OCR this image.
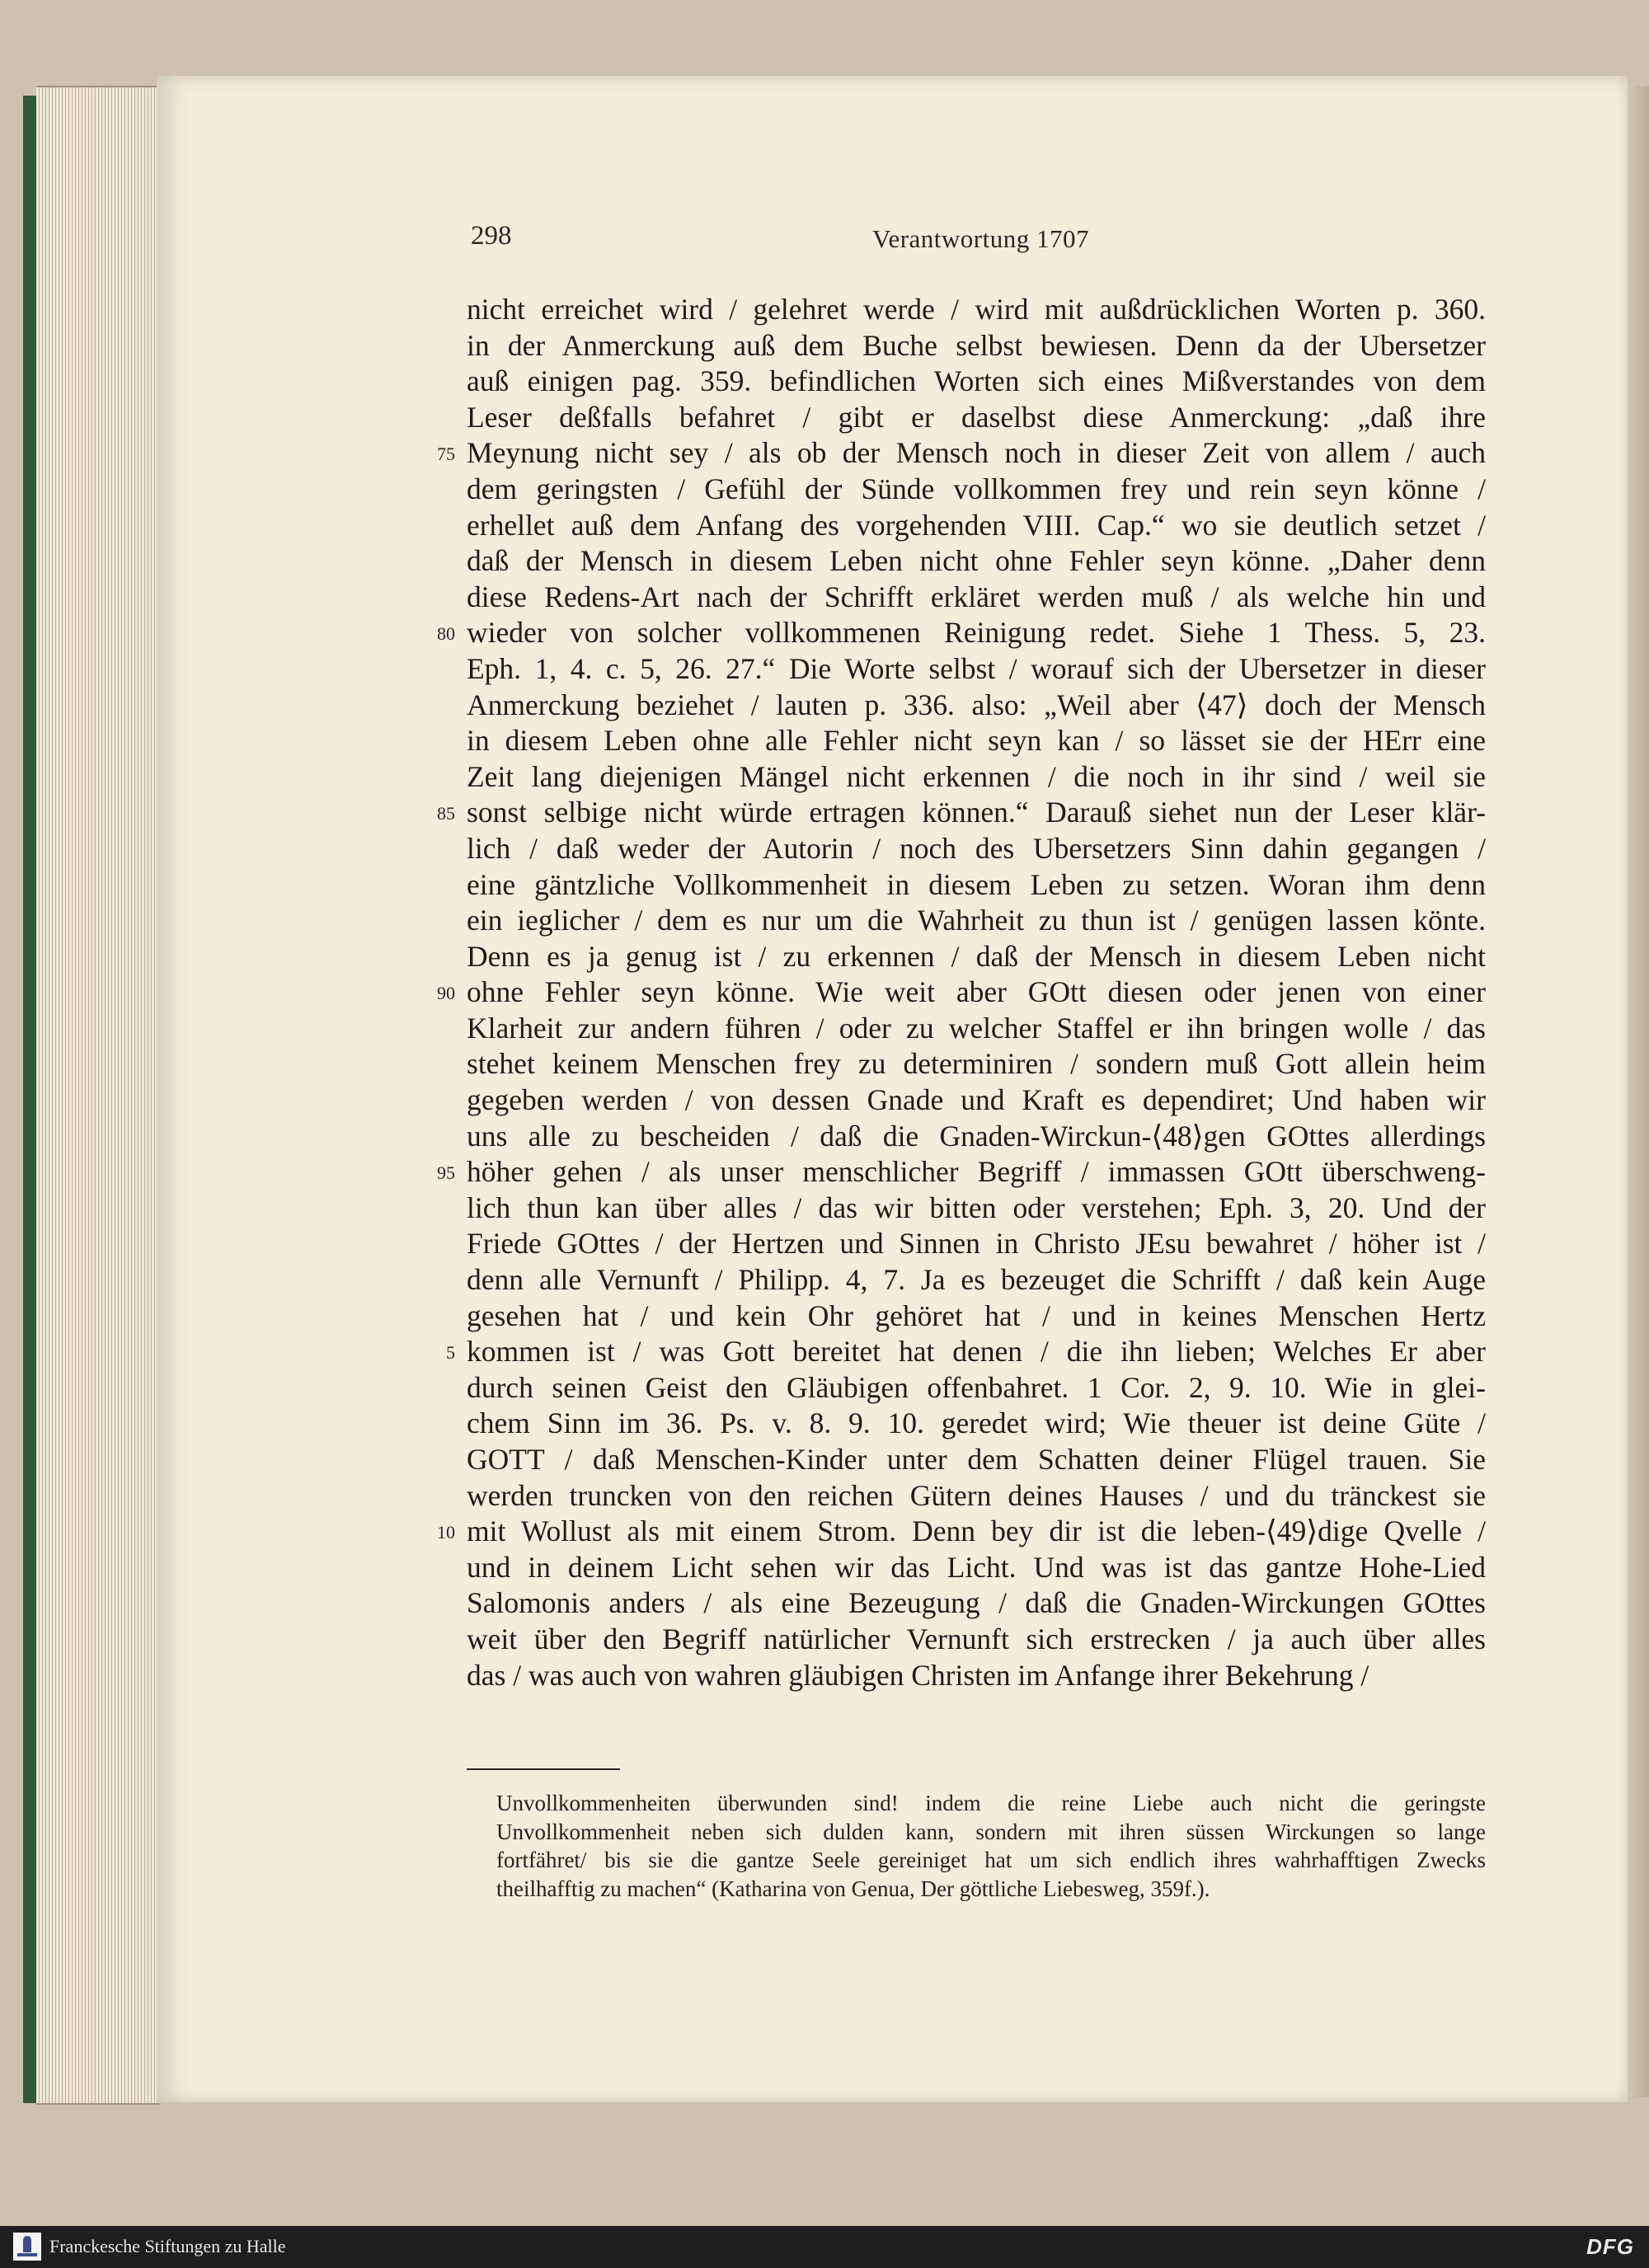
298	Verantwortung 1707
nicht erreichet wird / gelehret werde / wird mit außdrücklichen Worten p. 360.
in der Anmerckung auß dem Buche selbst bewiesen. Denn da der Ubersetzer
auß einigen pag. 359. befindlichen Worten sich eines Mißverstandes von dem
Leser deßfalls befahret / gibt er daselbst diese Anmerckung: „daß ihre
Meynung nicht sey / als ob der Mensch noch in dieser Zeit von allem / auch
dem geringsten / Gefühl der Sünde vollkommen frey und rein seyn könne /
erhellet auß dem Anfang des vorgehenden VIII. Cap.“ wo sie deutlich setzet /
daß der Mensch in diesem Leben nicht ohne Fehler seyn könne. „Daher denn
diese Redens-Art nach der Schrifft erkläret werden muß / als welche hin und
wieder von solcher vollkommenen Reinigung redet. Siehe 1 Thess. 5, 23.
Eph. 1, 4. c. 5, 26. 27.“ Die Worte selbst / worauf sich der Ubersetzer in dieser
Anmerckung beziehet / lauten p. 336. also: „Weil aber ⟨47⟩ doch der Mensch
in diesem Leben ohne alle Fehler nicht seyn kan / so lässet sie der HErr eine
Zeit lang diejenigen Mängel nicht erkennen / die noch in ihr sind / weil sie
sonst selbige nicht würde ertragen können.“ Darauß siehet nun der Leser klär-
lich / daß weder der Autorin / noch des Ubersetzers Sinn dahin gegangen /
eine gäntzliche Vollkommenheit in diesem Leben zu setzen. Woran ihm denn
ein ieglicher / dem es nur um die Wahrheit zu thun ist / genügen lassen könte.
Denn es ja genug ist / zu erkennen / daß der Mensch in diesem Leben nicht
ohne Fehler seyn könne. Wie weit aber GOtt diesen oder jenen von einer
Klarheit zur andern führen / oder zu welcher Staffel er ihn bringen wolle / das
stehet keinem Menschen frey zu determiniren / sondern muß Gott allein heim
gegeben werden / von dessen Gnade und Kraft es dependiret; Und haben wir
uns alle zu bescheiden / daß die Gnaden-Wirckun-⟨48⟩gen GOttes allerdings
höher gehen / als unser menschlicher Begriff / immassen GOtt überschweng-
lich thun kan über alles / das wir bitten oder verstehen; Eph. 3, 20. Und der
Friede GOttes / der Hertzen und Sinnen in Christo JEsu bewahret / höher ist /
denn alle Vernunft / Philipp. 4, 7. Ja es bezeuget die Schrifft / daß kein Auge
gesehen hat / und kein Ohr gehöret hat / und in keines Menschen Hertz
kommen ist / was Gott bereitet hat denen / die ihn lieben; Welches Er aber
durch seinen Geist den Gläubigen offenbahret. 1 Cor. 2, 9. 10. Wie in glei-
chem Sinn im 36. Ps. v. 8. 9. 10. geredet wird; Wie theuer ist deine Güte /
GOTT / daß Menschen-Kinder unter dem Schatten deiner Flügel trauen. Sie
werden truncken von den reichen Gütern deines Hauses / und du tränckest sie
mit Wollust als mit einem Strom. Denn bey dir ist die leben-⟨49⟩dige Qvelle /
und in deinem Licht sehen wir das Licht. Und was ist das gantze Hohe-Lied
Salomonis anders / als eine Bezeugung / daß die Gnaden-Wirckungen GOttes
weit über den Begriff natürlicher Vernunft sich erstrecken / ja auch über alles
das / was auch von wahren gläubigen Christen im Anfange ihrer Bekehrung /
75
80
85
90
95
5
10
Unvollkommenheiten überwunden sind! indem die reine Liebe auch nicht die geringste
Unvollkommenheit neben sich dulden kann, sondern mit ihren süssen Wirckungen so lange
fortfähret/ bis sie die gantze Seele gereiniget hat um sich endlich ihres wahrhafftigen Zwecks
theilhafftig zu machen“ (Katharina von Genua, Der göttliche Liebesweg, 359f.).
Franckesche Stiftungen zu Halle	DFG
